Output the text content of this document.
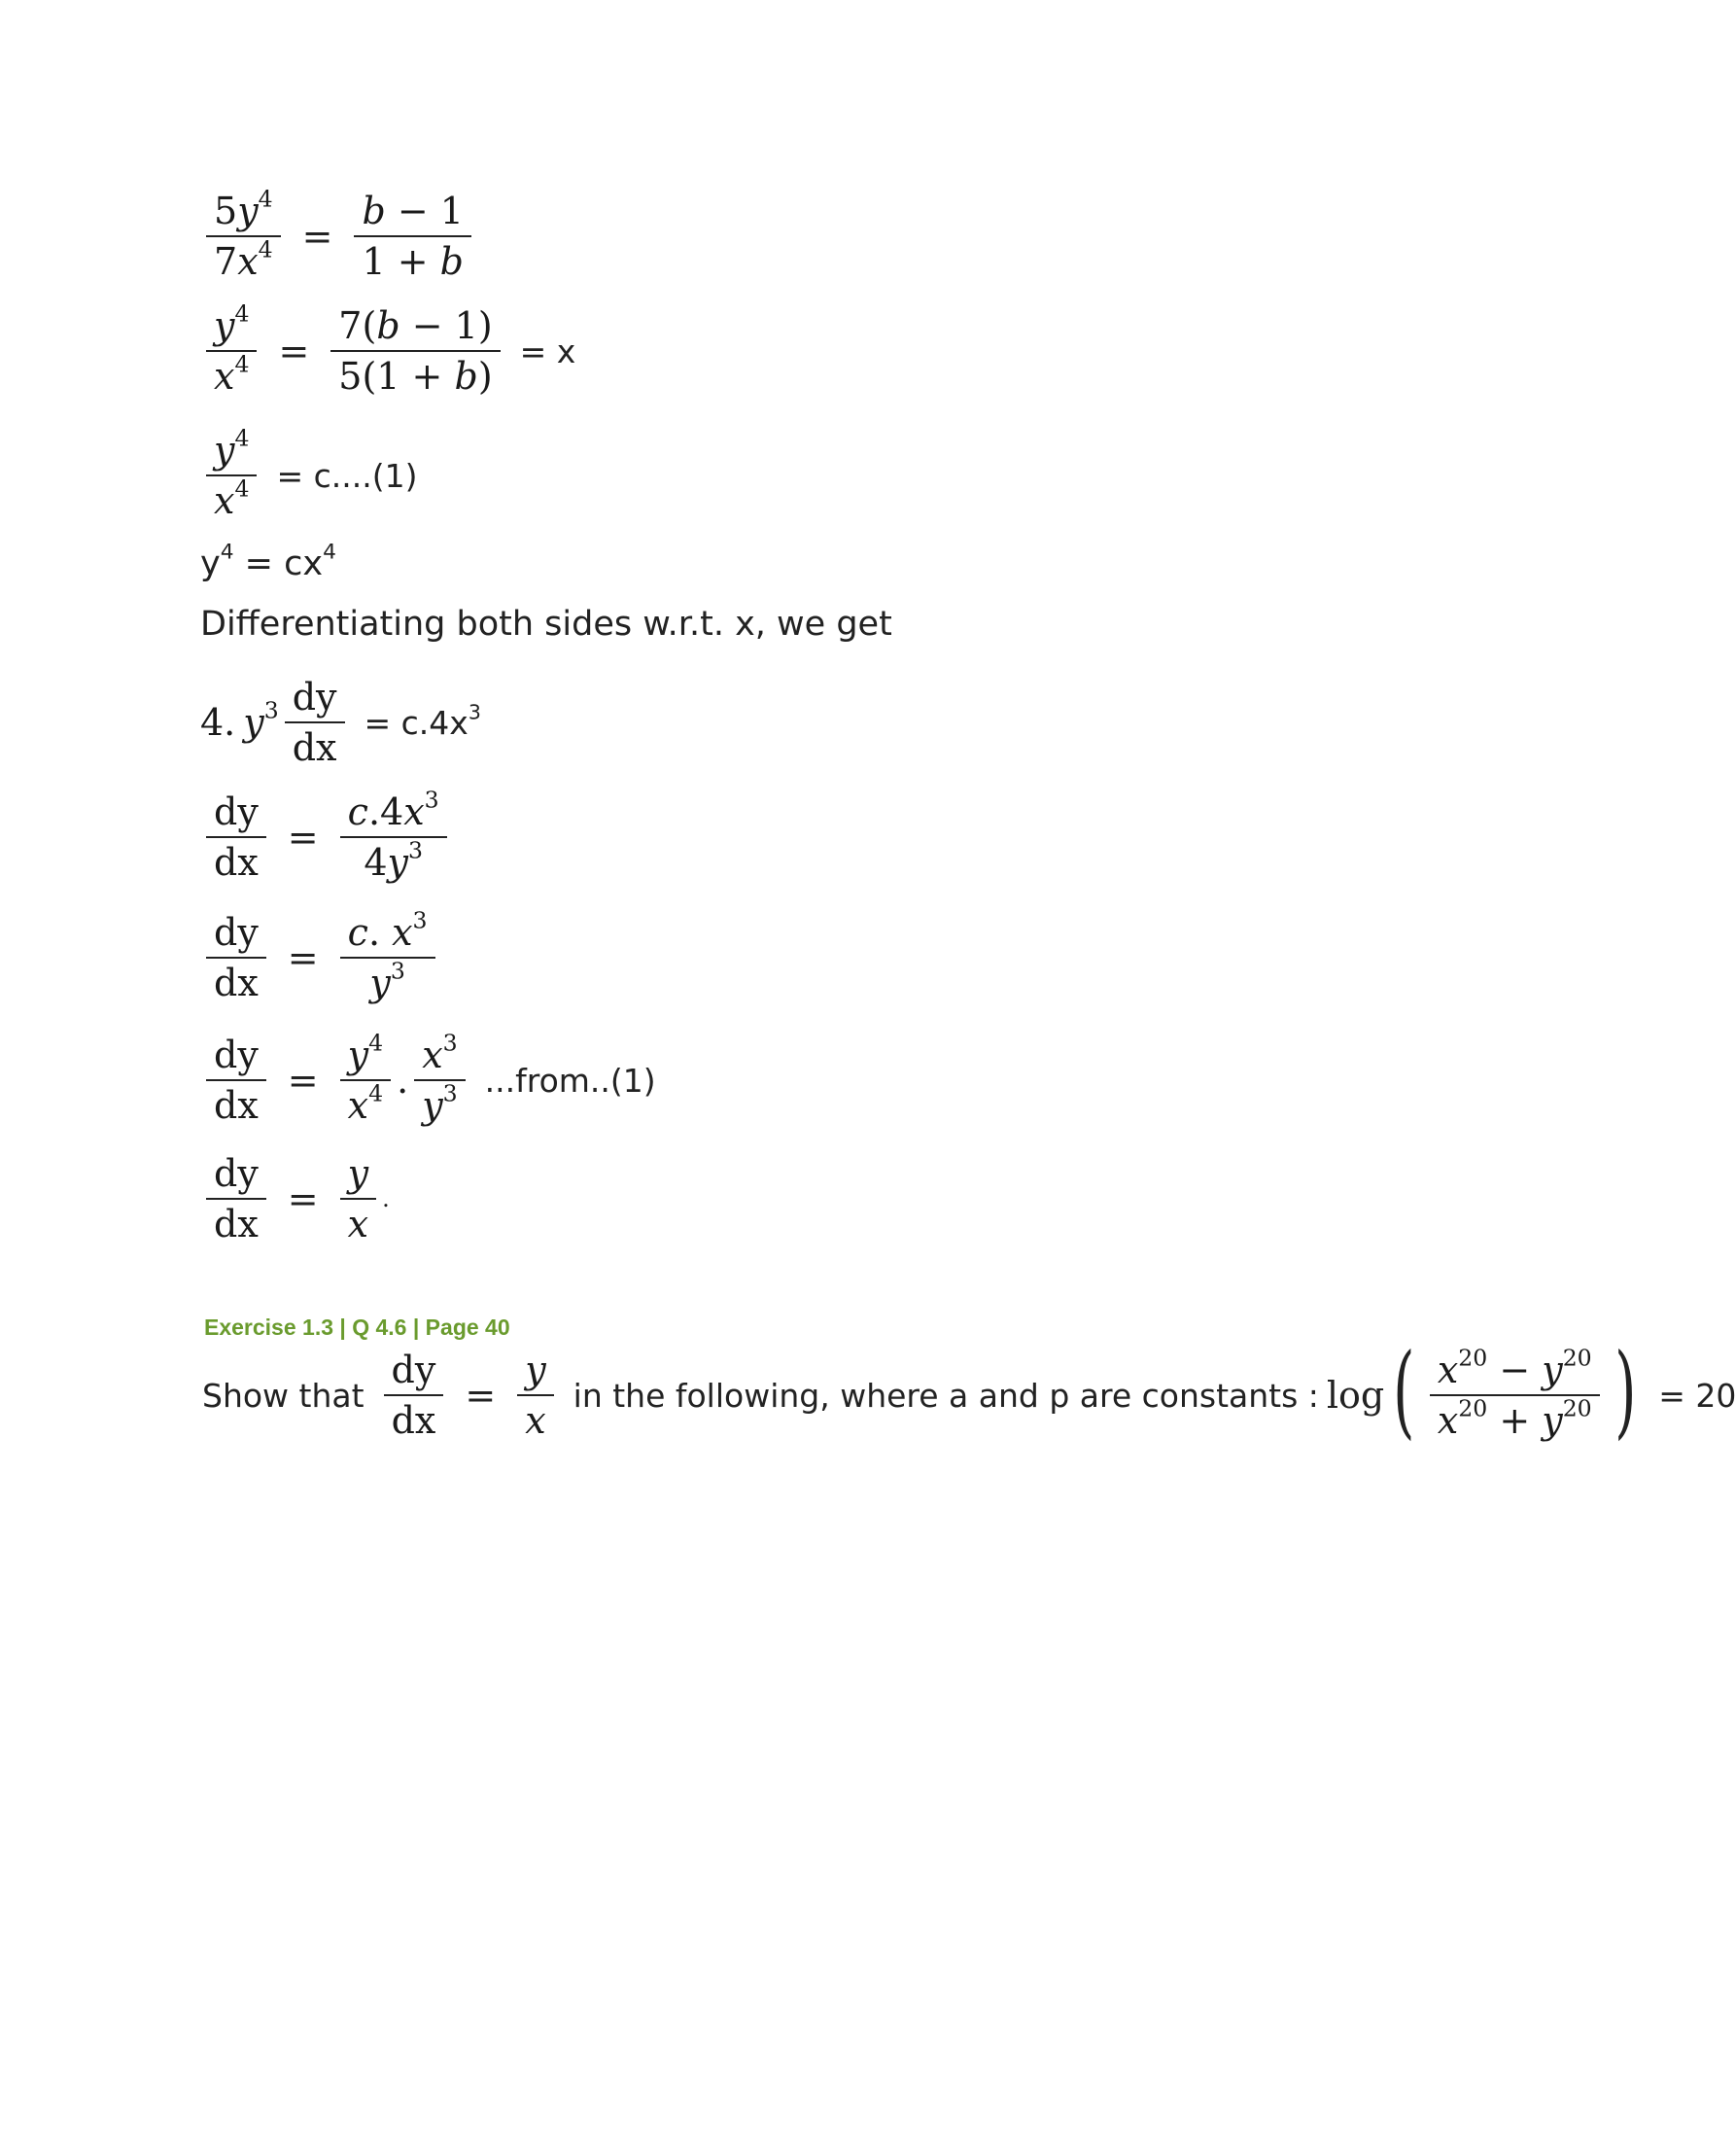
$\frac{5y^4}{7x^4} = \frac{b - 1}{1 + b}$
$\frac{y^4}{x^4} = \frac{7(b - 1)}{5(1 + b)} = x$
$\frac{y^4}{x^4} = c....(1)$
$y^4 = cx^4$
Differentiating both sides w.r.t. x, we get
4. $y^3 \frac{dy}{dx} = c.4x^3$
$\frac{dy}{dx} = \frac{c.4x^3}{4y^3}$
$\frac{dy}{dx} = \frac{c. x^3}{y^3}$
$\frac{dy}{dx} = \frac{y^4}{x^4}$ . $\frac{x^3}{y^3}$ ...from..(1)
$\frac{dy}{dx} = \frac{y}{x}$ .
Exercise 1.3 | Q 4.6 | Page 40
Show that $\frac{dy}{dx} = \frac{y}{x}$ in the following, where a and p are constants : log ( $\frac{x^{20} - y^{20}}{x^{20} + y^{20}}$ ) = 20
